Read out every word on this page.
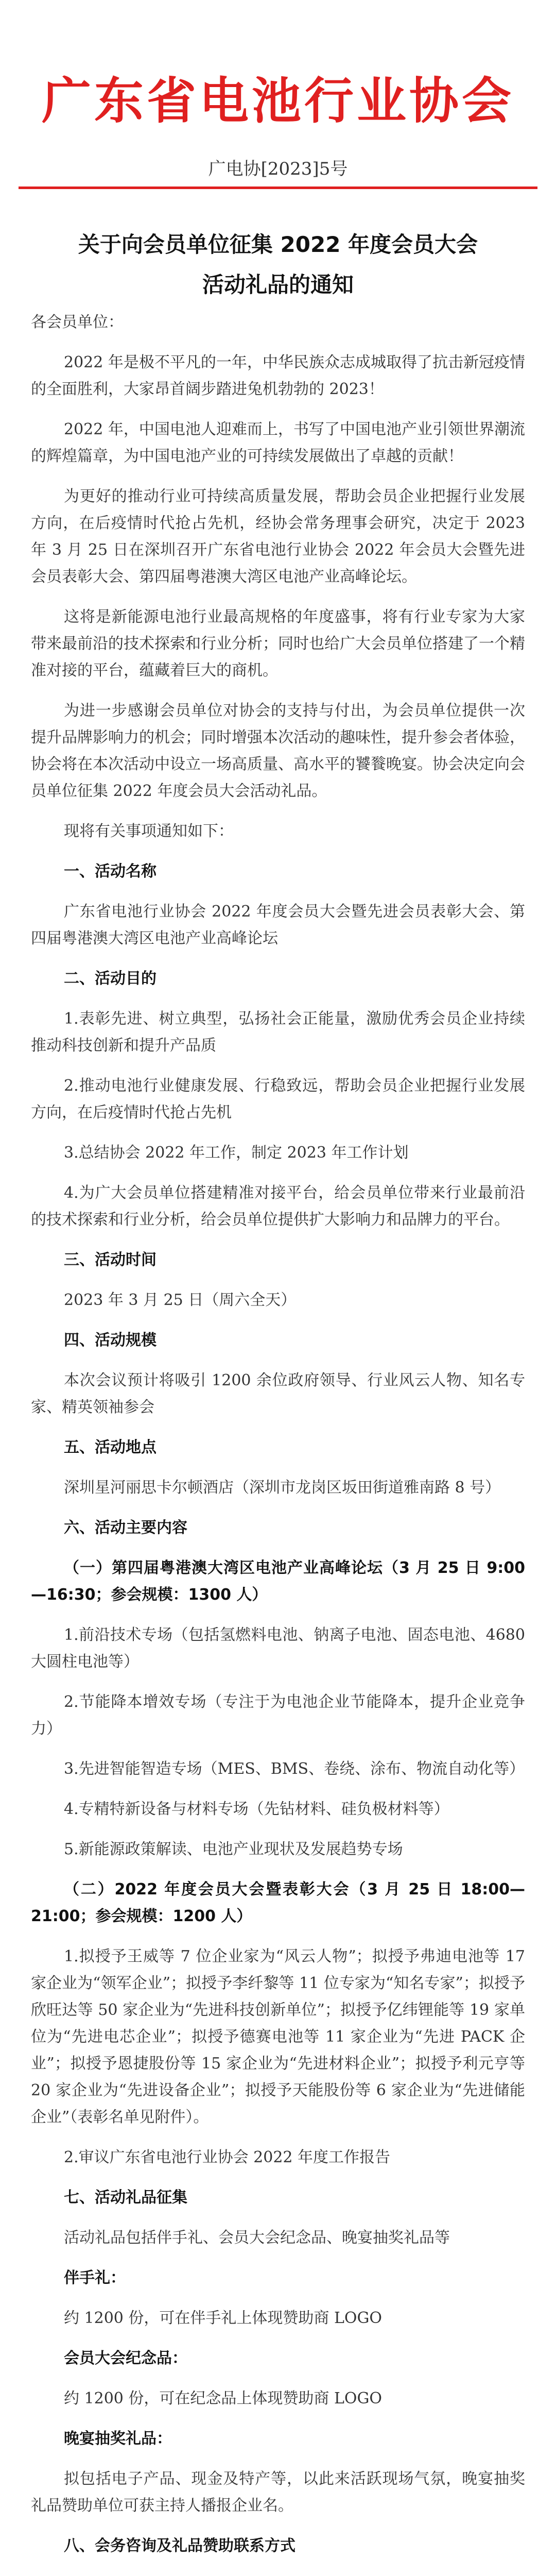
广东省电池行业协会
广电协[2023]5号
关于向会员单位征集 2022 年度会员大会
活动礼品的通知

各会员单位：

2022 年是极不平凡的一年，中华民族众志成城取得了抗击新冠疫情的全面胜利，大家昂首阔步踏进兔机勃勃的 2023！

2022 年，中国电池人迎难而上，书写了中国电池产业引领世界潮流的辉煌篇章，为中国电池产业的可持续发展做出了卓越的贡献！

为更好的推动行业可持续高质量发展，帮助会员企业把握行业发展方向，在后疫情时代抢占先机，经协会常务理事会研究，决定于 2023 年 3 月 25 日在深圳召开广东省电池行业协会 2022 年会员大会暨先进会员表彰大会、第四届粤港澳大湾区电池产业高峰论坛。

这将是新能源电池行业最高规格的年度盛事，将有行业专家为大家带来最前沿的技术探索和行业分析；同时也给广大会员单位搭建了一个精准对接的平台，蕴藏着巨大的商机。

为进一步感谢会员单位对协会的支持与付出，为会员单位提供一次提升品牌影响力的机会；同时增强本次活动的趣味性，提升参会者体验，协会将在本次活动中设立一场高质量、高水平的饕餮晚宴。协会决定向会员单位征集 2022 年度会员大会活动礼品。

现将有关事项通知如下：

一、活动名称

广东省电池行业协会 2022 年度会员大会暨先进会员表彰大会、第四届粤港澳大湾区电池产业高峰论坛

二、活动目的

1.表彰先进、树立典型，弘扬社会正能量，激励优秀会员企业持续推动科技创新和提升产品质

2.推动电池行业健康发展、行稳致远，帮助会员企业把握行业发展方向，在后疫情时代抢占先机

3.总结协会 2022 年工作，制定 2023 年工作计划

4.为广大会员单位搭建精准对接平台，给会员单位带来行业最前沿的技术探索和行业分析，给会员单位提供扩大影响力和品牌力的平台。

三、活动时间

2023 年 3 月 25 日（周六全天）

四、活动规模

本次会议预计将吸引 1200 余位政府领导、行业风云人物、知名专家、精英领袖参会

五、活动地点

深圳星河丽思卡尔顿酒店（深圳市龙岗区坂田街道雅南路 8 号）

六、活动主要内容

（一）第四届粤港澳大湾区电池产业高峰论坛（3 月 25 日 9:00—16:30；参会规模：1300 人）

1.前沿技术专场（包括氢燃料电池、钠离子电池、固态电池、4680 大圆柱电池等）

2.节能降本增效专场（专注于为电池企业节能降本，提升企业竞争力）

3.先进智能智造专场（MES、BMS、卷绕、涂布、物流自动化等）

4.专精特新设备与材料专场（先钻材料、硅负极材料等）

5.新能源政策解读、电池产业现状及发展趋势专场

（二）2022 年度会员大会暨表彰大会（3 月 25 日 18:00—21:00；参会规模：1200 人）

1.拟授予王威等 7 位企业家为“风云人物”；拟授予弗迪电池等 17 家企业为“领军企业”；拟授予李纤黎等 11 位专家为“知名专家”；拟授予欣旺达等 50 家企业为“先进科技创新单位”；拟授予亿纬锂能等 19 家单位为“先进电芯企业”；拟授予德赛电池等 11 家企业为“先进 PACK 企业”；拟授予恩捷股份等 15 家企业为“先进材料企业”；拟授予利元亨等 20 家企业为“先进设备企业”；拟授予天能股份等 6 家企业为“先进储能企业”（表彰名单见附件）。

2.审议广东省电池行业协会 2022 年度工作报告

七、活动礼品征集

活动礼品包括伴手礼、会员大会纪念品、晚宴抽奖礼品等

伴手礼：

约 1200 份，可在伴手礼上体现赞助商 LOGO

会员大会纪念品：

约 1200 份，可在纪念品上体现赞助商 LOGO

晚宴抽奖礼品：

拟包括电子产品、现金及特产等，以此来活跃现场气氛，晚宴抽奖礼品赞助单位可获主持人播报企业名。

八、会务咨询及礼品赞助联系方式
